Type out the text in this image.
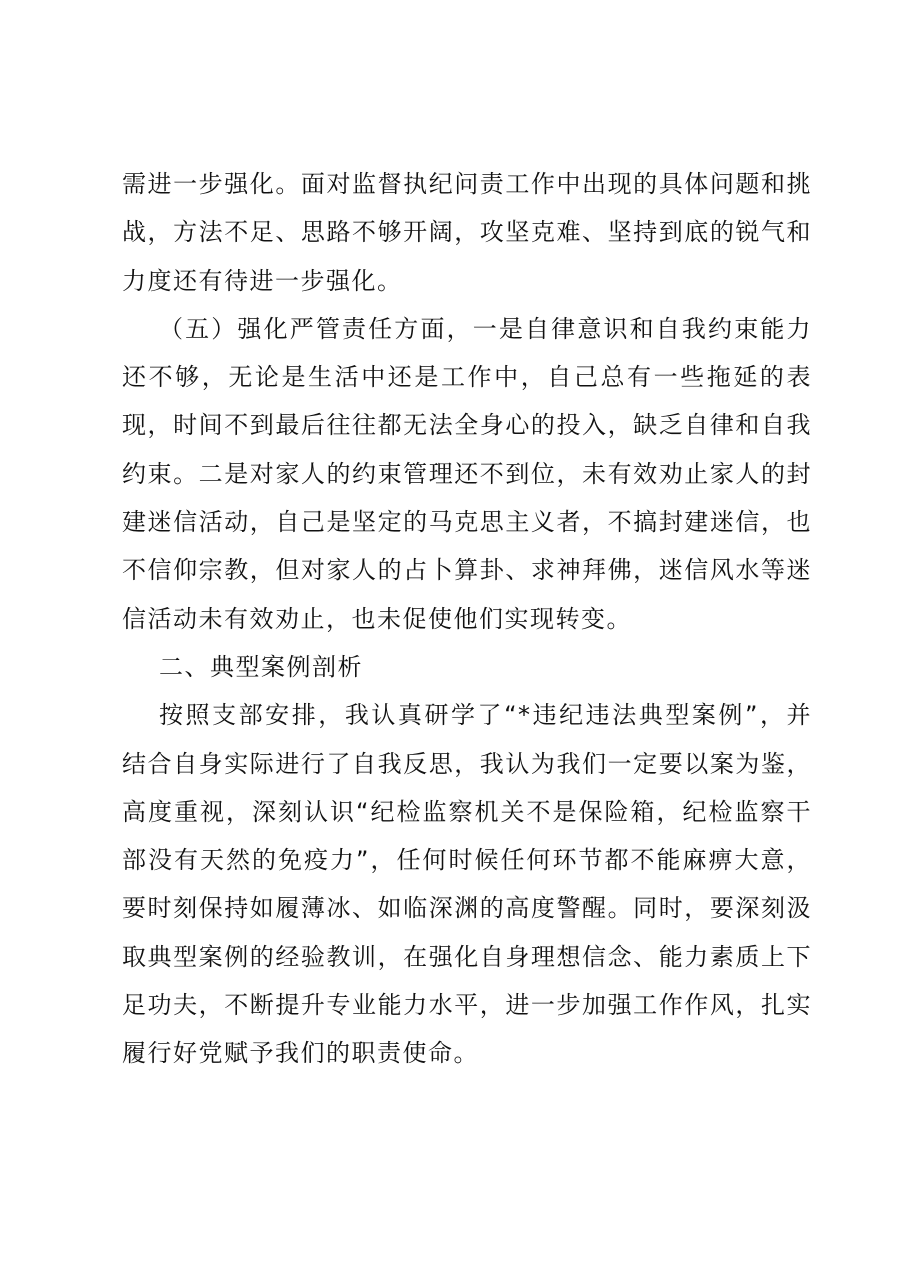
需进一步强化。面对监督执纪问责工作中出现的具体问题和挑战，方法不足、思路不够开阔，攻坚克难、坚持到底的锐气和力度还有待进一步强化。

（五）强化严管责任方面，一是自律意识和自我约束能力还不够，无论是生活中还是工作中，自己总有一些拖延的表现，时间不到最后往往都无法全身心的投入，缺乏自律和自我约束。二是对家人的约束管理还不到位，未有效劝止家人的封建迷信活动，自己是坚定的马克思主义者，不搞封建迷信，也不信仰宗教，但对家人的占卜算卦、求神拜佛，迷信风水等迷信活动未有效劝止，也未促使他们实现转变。

二、典型案例剖析

按照支部安排，我认真研学了“*违纪违法典型案例”，并结合自身实际进行了自我反思，我认为我们一定要以案为鉴，高度重视，深刻认识“纪检监察机关不是保险箱，纪检监察干部没有天然的免疫力”，任何时候任何环节都不能麻痹大意，要时刻保持如履薄冰、如临深渊的高度警醒。同时，要深刻汲取典型案例的经验教训，在强化自身理想信念、能力素质上下足功夫，不断提升专业能力水平，进一步加强工作作风，扎实履行好党赋予我们的职责使命。
